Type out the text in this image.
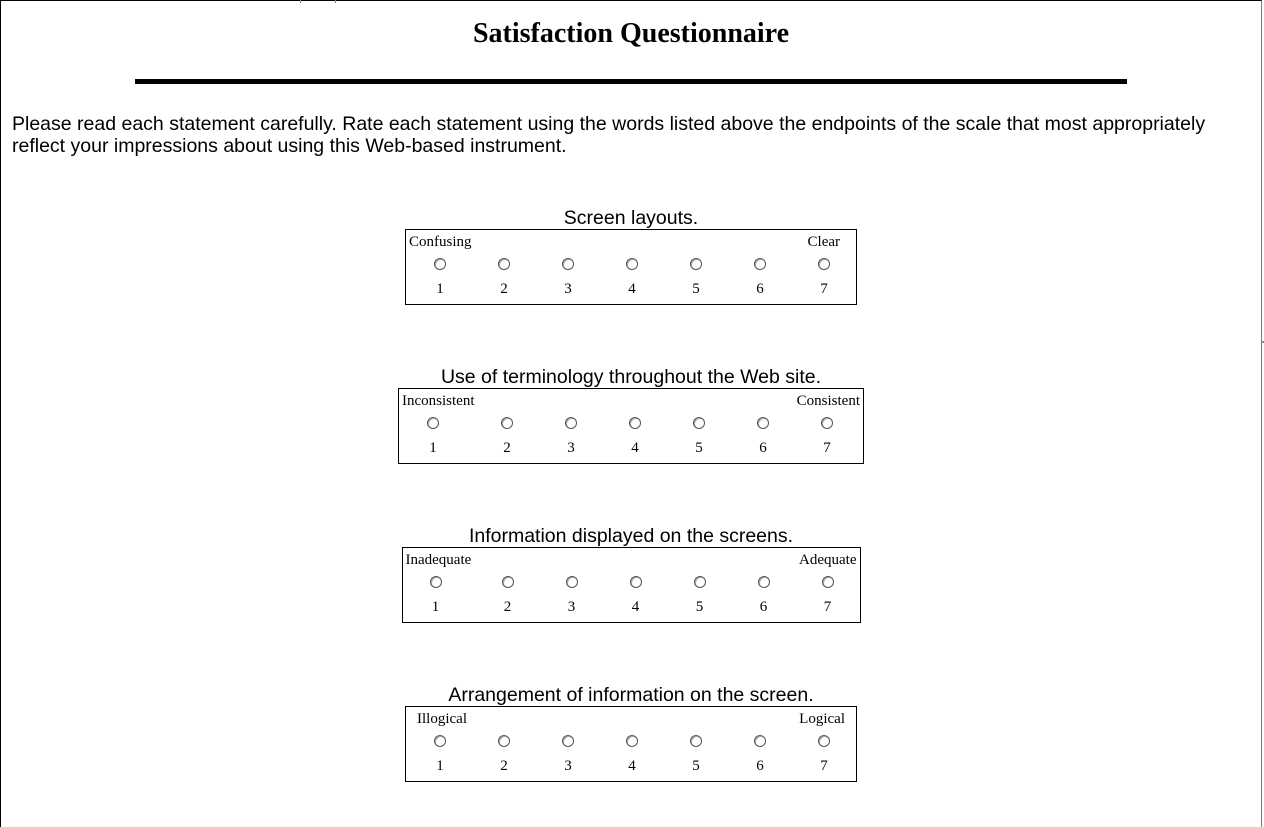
Satisfaction Questionnaire

Please read each statement carefully. Rate each statement using the words listed above the endpoints of the scale that most appropriately reflect your impressions about using this Web-based instrument.

Screen layouts.
Confusing	Clear
1	2	3	4	5	6	7
Use of terminology throughout the Web site.
Inconsistent	Consistent
1	2	3	4	5	6	7
Information displayed on the screens.
Inadequate	Adequate
1	2	3	4	5	6	7
Arrangement of information on the screen.
Illogical	Logical
1	2	3	4	5	6	7
